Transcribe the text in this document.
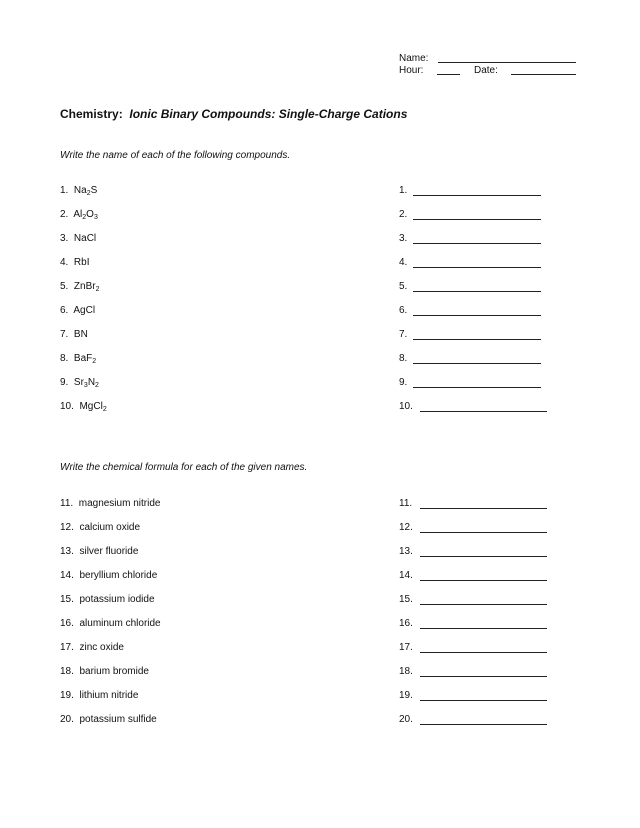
Name:
Hour:	Date:
Chemistry: Ionic Binary Compounds: Single-Charge Cations
Write the name of each of the following compounds.
1. $Na_2S$	1.
2. $Al_2O_3$	2.
3. NaCl	3.
4. RbI	4.
5. ZnBr$_2$	5.
6. AgCl	6.
7. BN	7.
8. BaF$_2$	8.
9. $Sr_3N_2$	9.
10. MgCl$_2$	10.
Write the chemical formula for each of the given names.
11. magnesium nitride	11.
12. calcium oxide	12.
13. silver fluoride	13.
14. beryllium chloride	14.
15. potassium iodide	15.
16. aluminum chloride	16.
17. zinc oxide	17.
18. barium bromide	18.
19. lithium nitride	19.
20. potassium sulfide	20.
